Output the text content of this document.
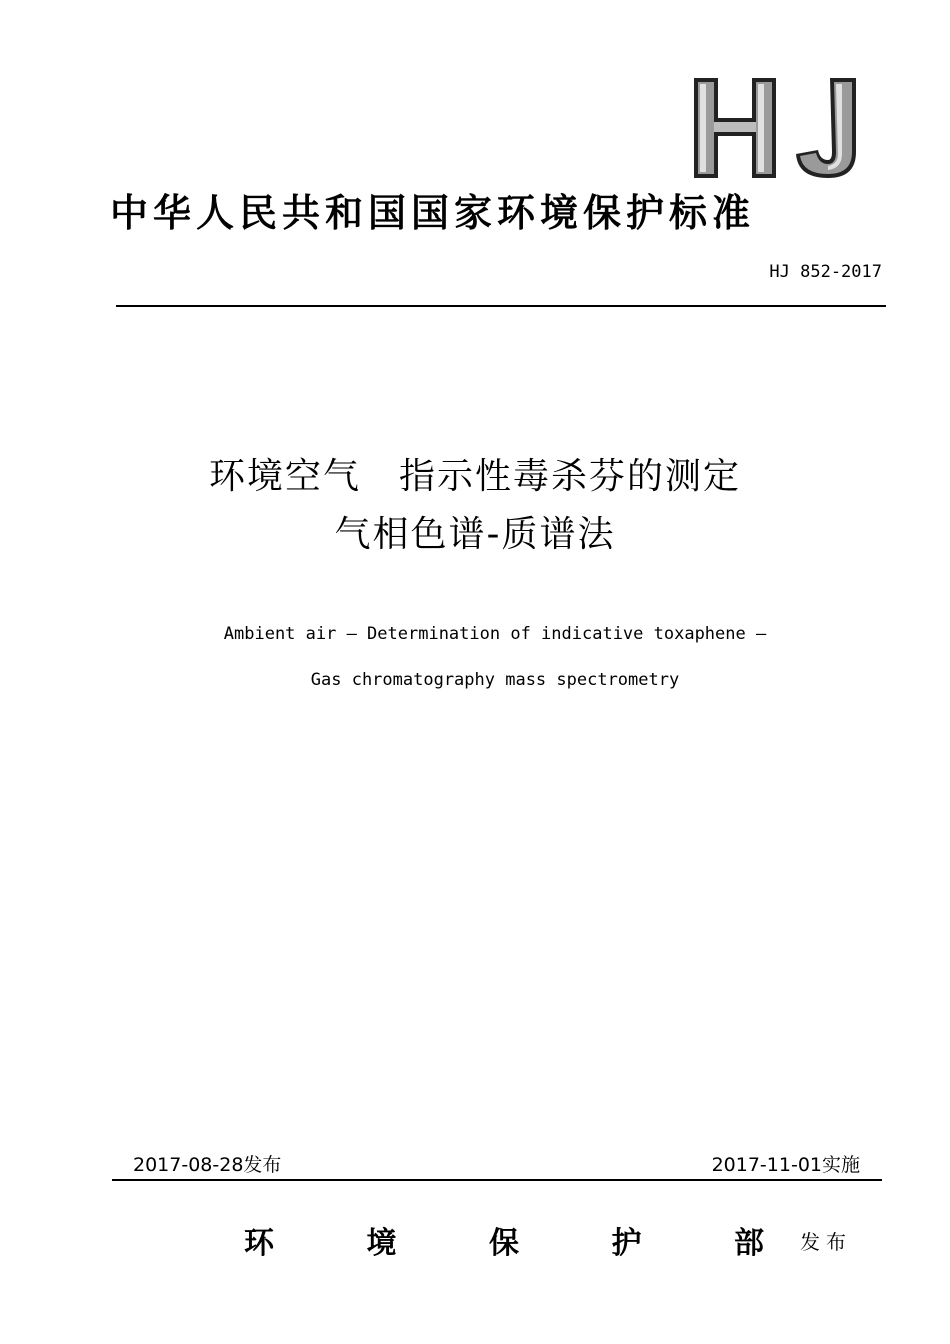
中华人民共和国国家环境保护标准
HJ 852-2017
环境空气　指示性毒杀芬的测定
气相色谱-质谱法
Ambient air — Determination of indicative toxaphene —
Gas chromatography mass spectrometry
2017-08-28发布	2017-11-01实施
环	境	保	护	部 发布
